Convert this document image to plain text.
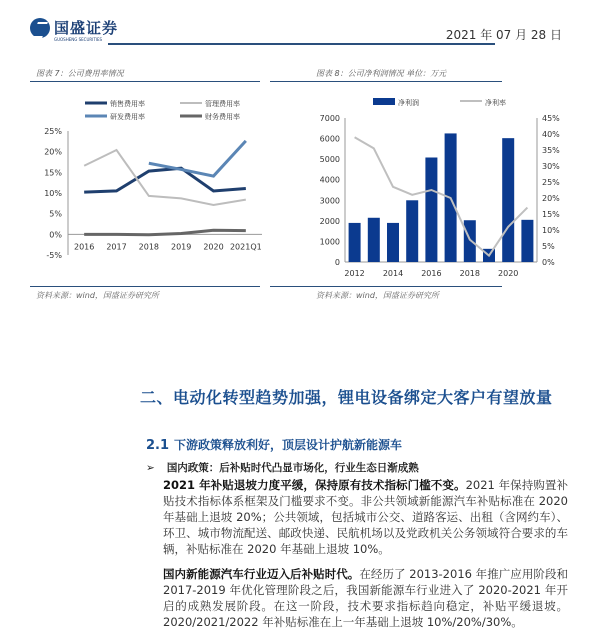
国盛证券
GUOSHENG SECURITIES	2021 年 07 月 28 日
图表 7：公司费用率情况	图表 8：公司净利润情况 单位：万元
25%
20%
15%
10%
5%
0%
-5%
2016 2017 2018 2019 2020 2021Q1
销售费用率	管理费用率
研发费用率	财务费用率	7000
6000
5000
4000
3000
2000
1000
0
45%
40%
35%
30%
25%
20%
15%
10%
5%
0%
2012 2014 2016 2018 2020
净利润	净利率
资料来源：wind，国盛证券研究所	资料来源：wind，国盛证券研究所
二、电动化转型趋势加强，锂电设备绑定大客户有望放量
2.1 下游政策释放利好，顶层设计护航新能源车
➢ 国内政策：后补贴时代凸显市场化，行业生态日渐成熟
2021 年补贴退坡力度平缓，保持原有技术指标门槛不变。2021 年保持购置补贴技术指标体系框架及门槛要求不变。非公共领域新能源汽车补贴标准在 2020 年基础上退坡 20%；公共领域，包括城市公交、道路客运、出租（含网约车）、环卫、城市物流配送、邮政快递、民航机场以及党政机关公务领域符合要求的车辆，补贴标准在 2020 年基础上退坡 10%。
国内新能源汽车行业迈入后补贴时代。在经历了 2013-2016 年推广应用阶段和 2017-2019 年优化管理阶段之后，我国新能源车行业进入了 2020-2021 年开启的成熟发展阶段。在这一阶段，技术要求指标趋向稳定，补贴平缓退坡。2020/2021/2022 年补贴标准在上一年基础上退坡 10%/20%/30%。
